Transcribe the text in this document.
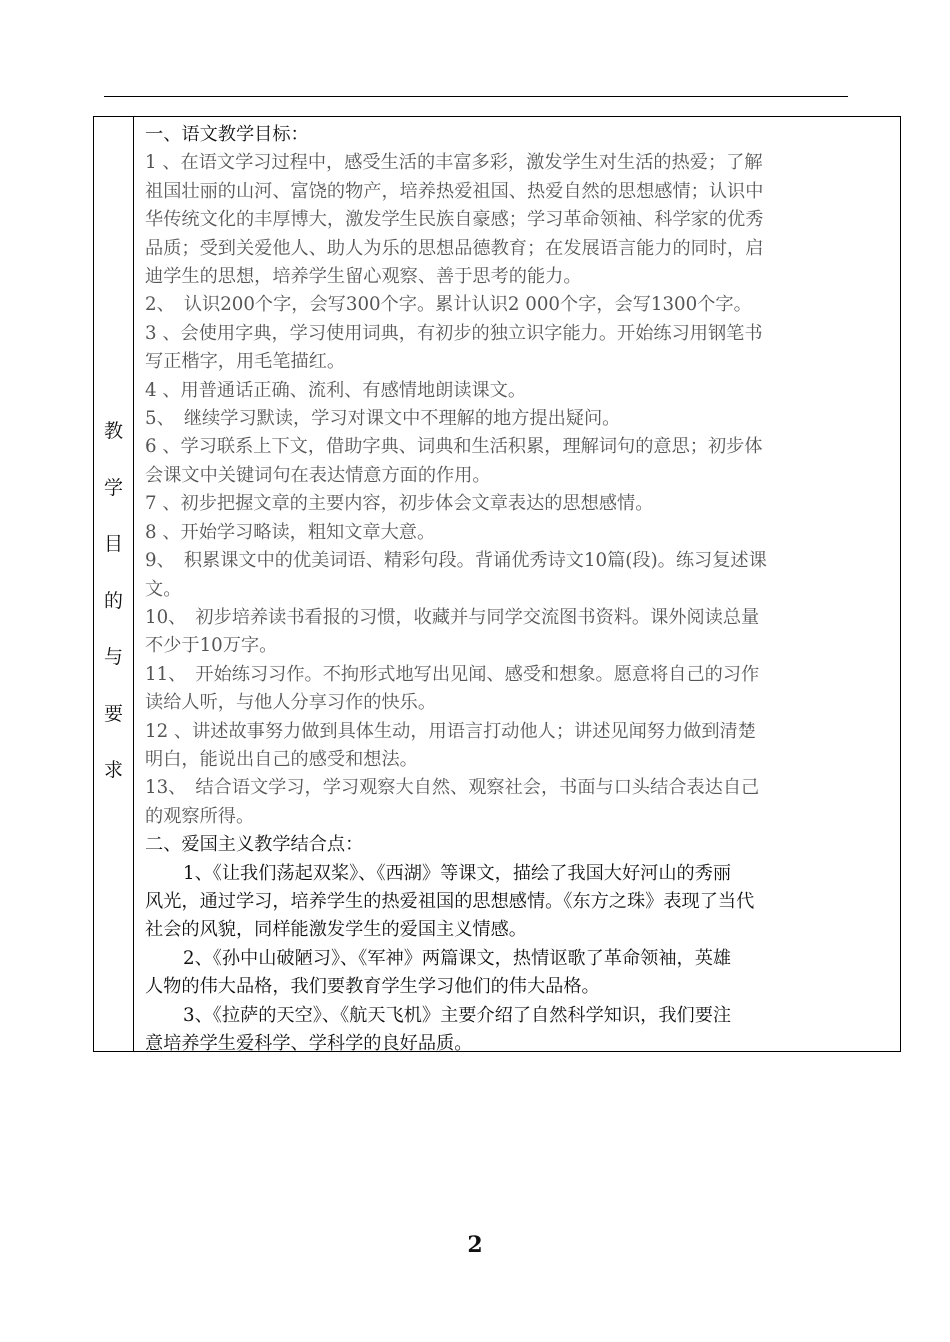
教
学
目
的
与
要
求
一、语文教学目标：
1 、在语文学习过程中，感受生活的丰富多彩，激发学生对生活的热爱；了解
祖国壮丽的山河、富饶的物产，培养热爱祖国、热爱自然的思想感情；认识中
华传统文化的丰厚博大，激发学生民族自豪感；学习革命领袖、科学家的优秀
品质；受到关爱他人、助人为乐的思想品德教育；在发展语言能力的同时，启
迪学生的思想，培养学生留心观察、善于思考的能力。
2、　认识200个字，会写300个字。累计认识2 000个字，会写1300个字。
3 、会使用字典，学习使用词典，有初步的独立识字能力。开始练习用钢笔书
写正楷字，用毛笔描红。
4 、用普通话正确、流利、有感情地朗读课文。
5、　继续学习默读，学习对课文中不理解的地方提出疑问。
6 、学习联系上下文，借助字典、词典和生活积累，理解词句的意思；初步体
会课文中关键词句在表达情意方面的作用。
7 、初步把握文章的主要内容，初步体会文章表达的思想感情。
8 、开始学习略读，粗知文章大意。
9、　积累课文中的优美词语、精彩句段。背诵优秀诗文10篇(段)。练习复述课
文。
10、　初步培养读书看报的习惯，收藏并与同学交流图书资料。课外阅读总量
不少于10万字。
11、　开始练习习作。不拘形式地写出见闻、感受和想象。愿意将自己的习作
读给人听，与他人分享习作的快乐。
12 、讲述故事努力做到具体生动，用语言打动他人；讲述见闻努力做到清楚
明白，能说出自己的感受和想法。
13、　结合语文学习，学习观察大自然、观察社会，书面与口头结合表达自己
的观察所得。
二、爱国主义教学结合点：
1、《让我们荡起双桨》、《西湖》等课文，描绘了我国大好河山的秀丽
风光，通过学习，培养学生的热爱祖国的思想感情。《东方之珠》表现了当代
社会的风貌，同样能激发学生的爱国主义情感。
2、《孙中山破陋习》、《军神》两篇课文，热情讴歌了革命领袖，英雄
人物的伟大品格，我们要教育学生学习他们的伟大品格。
3、《拉萨的天空》、《航天飞机》主要介绍了自然科学知识，我们要注
意培养学生爱科学、学科学的良好品质。
2
